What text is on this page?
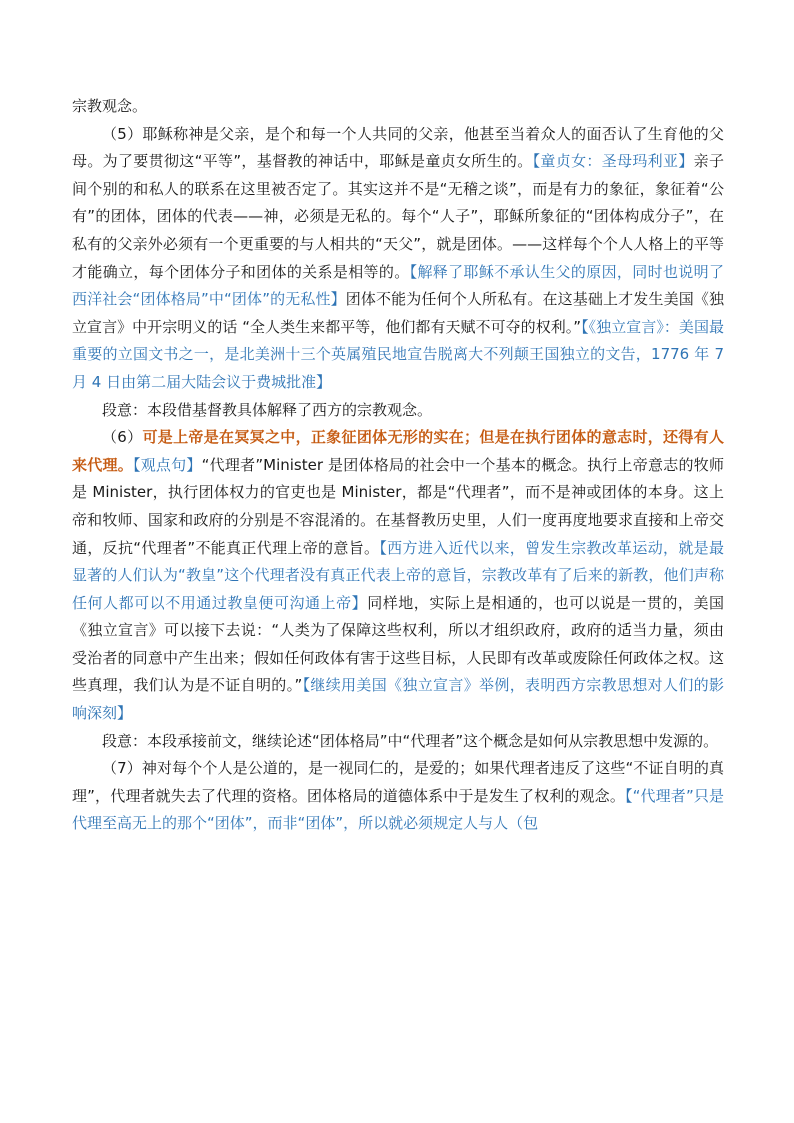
宗教观念。

（5）耶稣称神是父亲，是个和每一个人共同的父亲，他甚至当着众人的面否认了生育他的父母。为了要贯彻这“平等”，基督教的神话中，耶稣是童贞女所生的。【童贞女：圣母玛利亚】亲子间个别的和私人的联系在这里被否定了。其实这并不是“无稽之谈”，而是有力的象征，象征着“公有”的团体，团体的代表——神，必须是无私的。每个“人子”，耶稣所象征的“团体构成分子”，在私有的父亲外必须有一个更重要的与人相共的“天父”，就是团体。——这样每个个人人格上的平等才能确立，每个团体分子和团体的关系是相等的。【解释了耶稣不承认生父的原因，同时也说明了西洋社会“团体格局”中“团体”的无私性】团体不能为任何个人所私有。在这基础上才发生美国《独立宣言》中开宗明义的话 “全人类生来都平等，他们都有天赋不可夺的权利。”【《独立宣言》：美国最重要的立国文书之一，是北美洲十三个英属殖民地宣告脱离大不列颠王国独立的文告，1776 年 7 月 4 日由第二届大陆会议于费城批准】

段意：本段借基督教具体解释了西方的宗教观念。

（6）可是上帝是在冥冥之中，正象征团体无形的实在；但是在执行团体的意志时，还得有人来代理。【观点句】“代理者”Minister 是团体格局的社会中一个基本的概念。执行上帝意志的牧师是 Minister，执行团体权力的官吏也是 Minister，都是“代理者”，而不是神或团体的本身。这上帝和牧师、国家和政府的分别是不容混淆的。在基督教历史里，人们一度再度地要求直接和上帝交通，反抗“代理者”不能真正代理上帝的意旨。【西方进入近代以来，曾发生宗教改革运动，就是最显著的人们认为“教皇”这个代理者没有真正代表上帝的意旨，宗教改革有了后来的新教，他们声称任何人都可以不用通过教皇便可沟通上帝】同样地，实际上是相通的，也可以说是一贯的，美国《独立宣言》可以接下去说：“人类为了保障这些权利，所以才组织政府，政府的适当力量，须由受治者的同意中产生出来；假如任何政体有害于这些目标，人民即有改革或废除任何政体之权。这些真理，我们认为是不证自明的。”【继续用美国《独立宣言》举例，表明西方宗教思想对人们的影响深刻】

段意：本段承接前文，继续论述“团体格局”中“代理者”这个概念是如何从宗教思想中发源的。

（7）神对每个个人是公道的，是一视同仁的，是爱的；如果代理者违反了这些“不证自明的真理”，代理者就失去了代理的资格。团体格局的道德体系中于是发生了权利的观念。【“代理者”只是代理至高无上的那个“团体”，而非“团体”，所以就必须规定人与人（包
